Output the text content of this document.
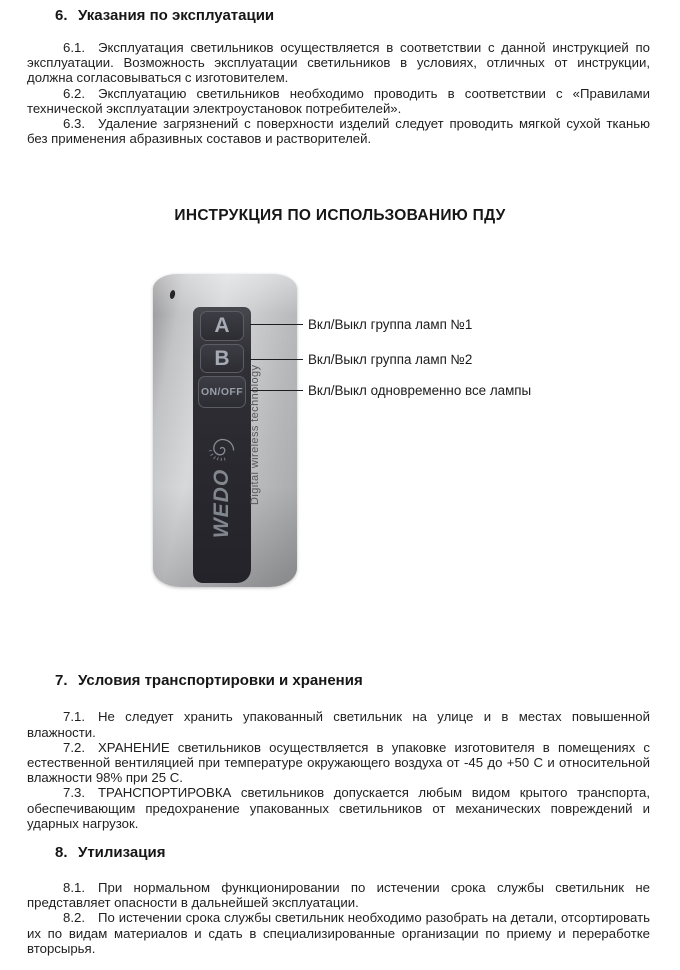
6. Указания по эксплуатации

6.1. Эксплуатация светильников осуществляется в соответствии с данной инструкцией по эксплуатации. Возможность эксплуатации светильников в условиях, отличных от инструкции, должна согласовываться с изготовителем.

6.2. Эксплуатацию светильников необходимо проводить в соответствии с «Правилами технической эксплуатации электроустановок потребителей».

6.3. Удаление загрязнений с поверхности изделий следует проводить мягкой сухой тканью без применения абразивных составов и растворителей.

ИНСТРУКЦИЯ ПО ИСПОЛЬЗОВАНИЮ ПДУ
A
B
ON/OFF
WEDO Digital wireless technology
Вкл/Выкл группа ламп №1
Вкл/Выкл группа ламп №2
Вкл/Выкл одновременно все лампы
7. Условия транспортировки и хранения

7.1. Не следует хранить упакованный светильник на улице и в местах повышенной влажности.

7.2. ХРАНЕНИЕ светильников осуществляется в упаковке изготовителя в помещениях с естественной вентиляцией при температуре окружающего воздуха от -45 до +50 С и относительной влажности 98% при 25 С.

7.3. ТРАНСПОРТИРОВКА светильников допускается любым видом крытого транспорта, обеспечивающим предохранение упакованных светильников от механических повреждений и ударных нагрузок.

8. Утилизация

8.1. При нормальном функционировании по истечении срока службы светильник не представляет опасности в дальнейшей эксплуатации.

8.2. По истечении срока службы светильник необходимо разобрать на детали, отсортировать их по видам материалов и сдать в специализированные организации по приему и переработке вторсырья.
